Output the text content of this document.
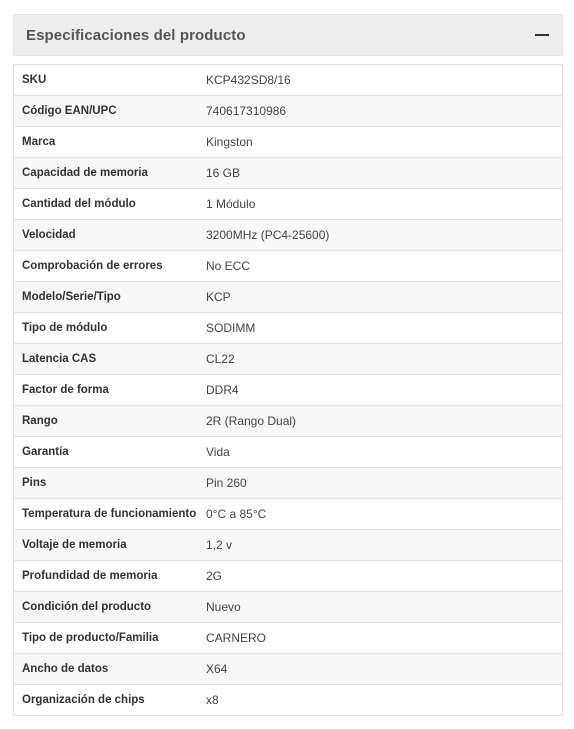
Especificaciones del producto
SKU	KCP432SD8/16
Código EAN/UPC	740617310986
Marca	Kingston
Capacidad de memoria	16 GB
Cantidad del módulo	1 Módulo
Velocidad	3200MHz (PC4-25600)
Comprobación de errores	No ECC
Modelo/Serie/Tipo	KCP
Tipo de módulo	SODIMM
Latencia CAS	CL22
Factor de forma	DDR4
Rango	2R (Rango Dual)
Garantía	Vida
Pins	Pin 260
Temperatura de funcionamiento	0°C a 85°C
Voltaje de memoria	1,2 v
Profundidad de memoria	2G
Condición del producto	Nuevo
Tipo de producto/Familia	CARNERO
Ancho de datos	X64
Organización de chips	x8
